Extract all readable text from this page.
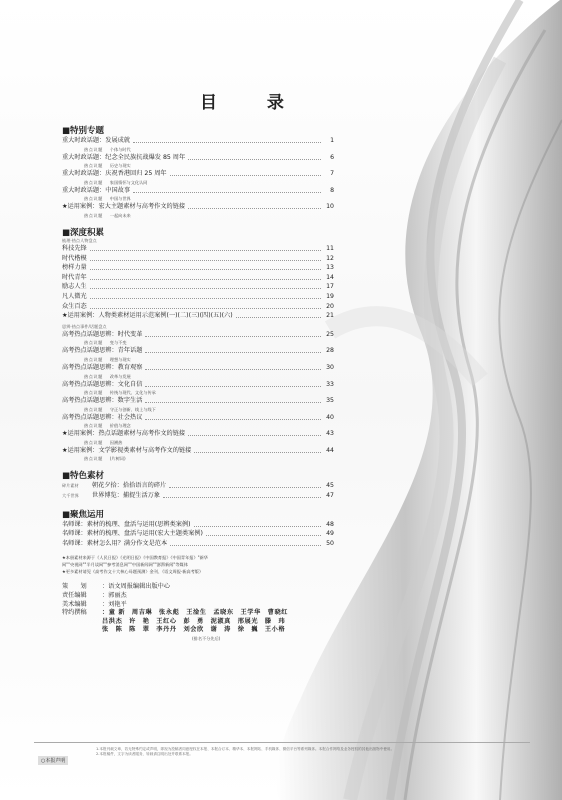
目 录
■特别专题
重大时政话题：发展成就	1
热点议题 个体与时代
重大时政话题：纪念全民族抗战爆发 85 周年	6
热点议题 历史与现实
重大时政话题：庆祝香港回归 25 周年	7
热点议题 家国情怀与文化认同
重大时政话题：中国故事	8
热点议题 中国与世界
★运用案例：宏大主题素材与高考作文的链接	10
热点议题 一起向未来
■深度积累
梳理·热点人物盘点
科技先锋	11
时代楷模	12
榜样力量	13
时代青年	14
励志人生	17
凡人微光	19
众生百态	20
★运用案例：人物类素材运用示范案例(一)(二)(三)(四)(五)(六)	21
思辨·热点事件/话题盘点
高考热点话题思辨：时代变革	25
热点议题 变与不变
高考热点话题思辨：青年话题	28
热点议题 理想与现实
高考热点话题思辨：教育观察	30
热点议题 改革与发展
高考热点话题思辨：文化自信	33
热点议题 传统与现代、文化与传承
高考热点话题思辨：数字生活	35
热点议题 守正与创新、线上与线下
高考热点话题思辨：社会热议	40
热点议题 价值与理念
★运用案例：热点话题素材与高考作文的链接	43
热点议题 因溯热
★运用案例：文学影视类素材与高考作文的链接	44
热点议题 (片树词)
■特色素材
碎片素材	朝花夕拾：拾拾语言的碎片	45
大千世界	世界博览：捕捉生活万象	47
■聚焦运用
名师课：素材的梳理、盘活与运用(思辨类案例)	48
名师课：素材的梳理、盘活与运用(宏大主题类案例)	49
名师课：素材怎么用？满分作文是范本	50
★本册素材来源于《人民日报》《光明日报》《中国教育报》《中国青年报》"新华
网""央视网""半月谈网""参考消息网""中国新闻网""澎湃新闻"等媒体
★更多素材请见《高考作文十大核心母题预测》金刊、《语文周报·新高考版》
策　　划	：语文周报编辑出版中心
责任编辑	：郭丽杰
美术编辑	：刘艳平
特约撰稿	：童 新　周吉琳　张永彪　王淦生　孟晓东　王学华　曹晓红
吕洪杰　许　艳　王红心　彭　勇　泥淑真　邢展光　滕　玮
张　陈　陈　翠　李丹丹　刘会欣　谢　涛　徐　巍　王小格
(排名不分先后)
○本报声明
1.本报刊载文章，若无特殊约定或声明，即视为投稿者同意授权在本报、本报合订本、精华本、本报网站、手机媒体、微信平台等系列媒体。本报合作网络及业务授权的其他出版物中使用。
2.本报稿件，文字为读者服务，转载请注明出处并联系本报。
